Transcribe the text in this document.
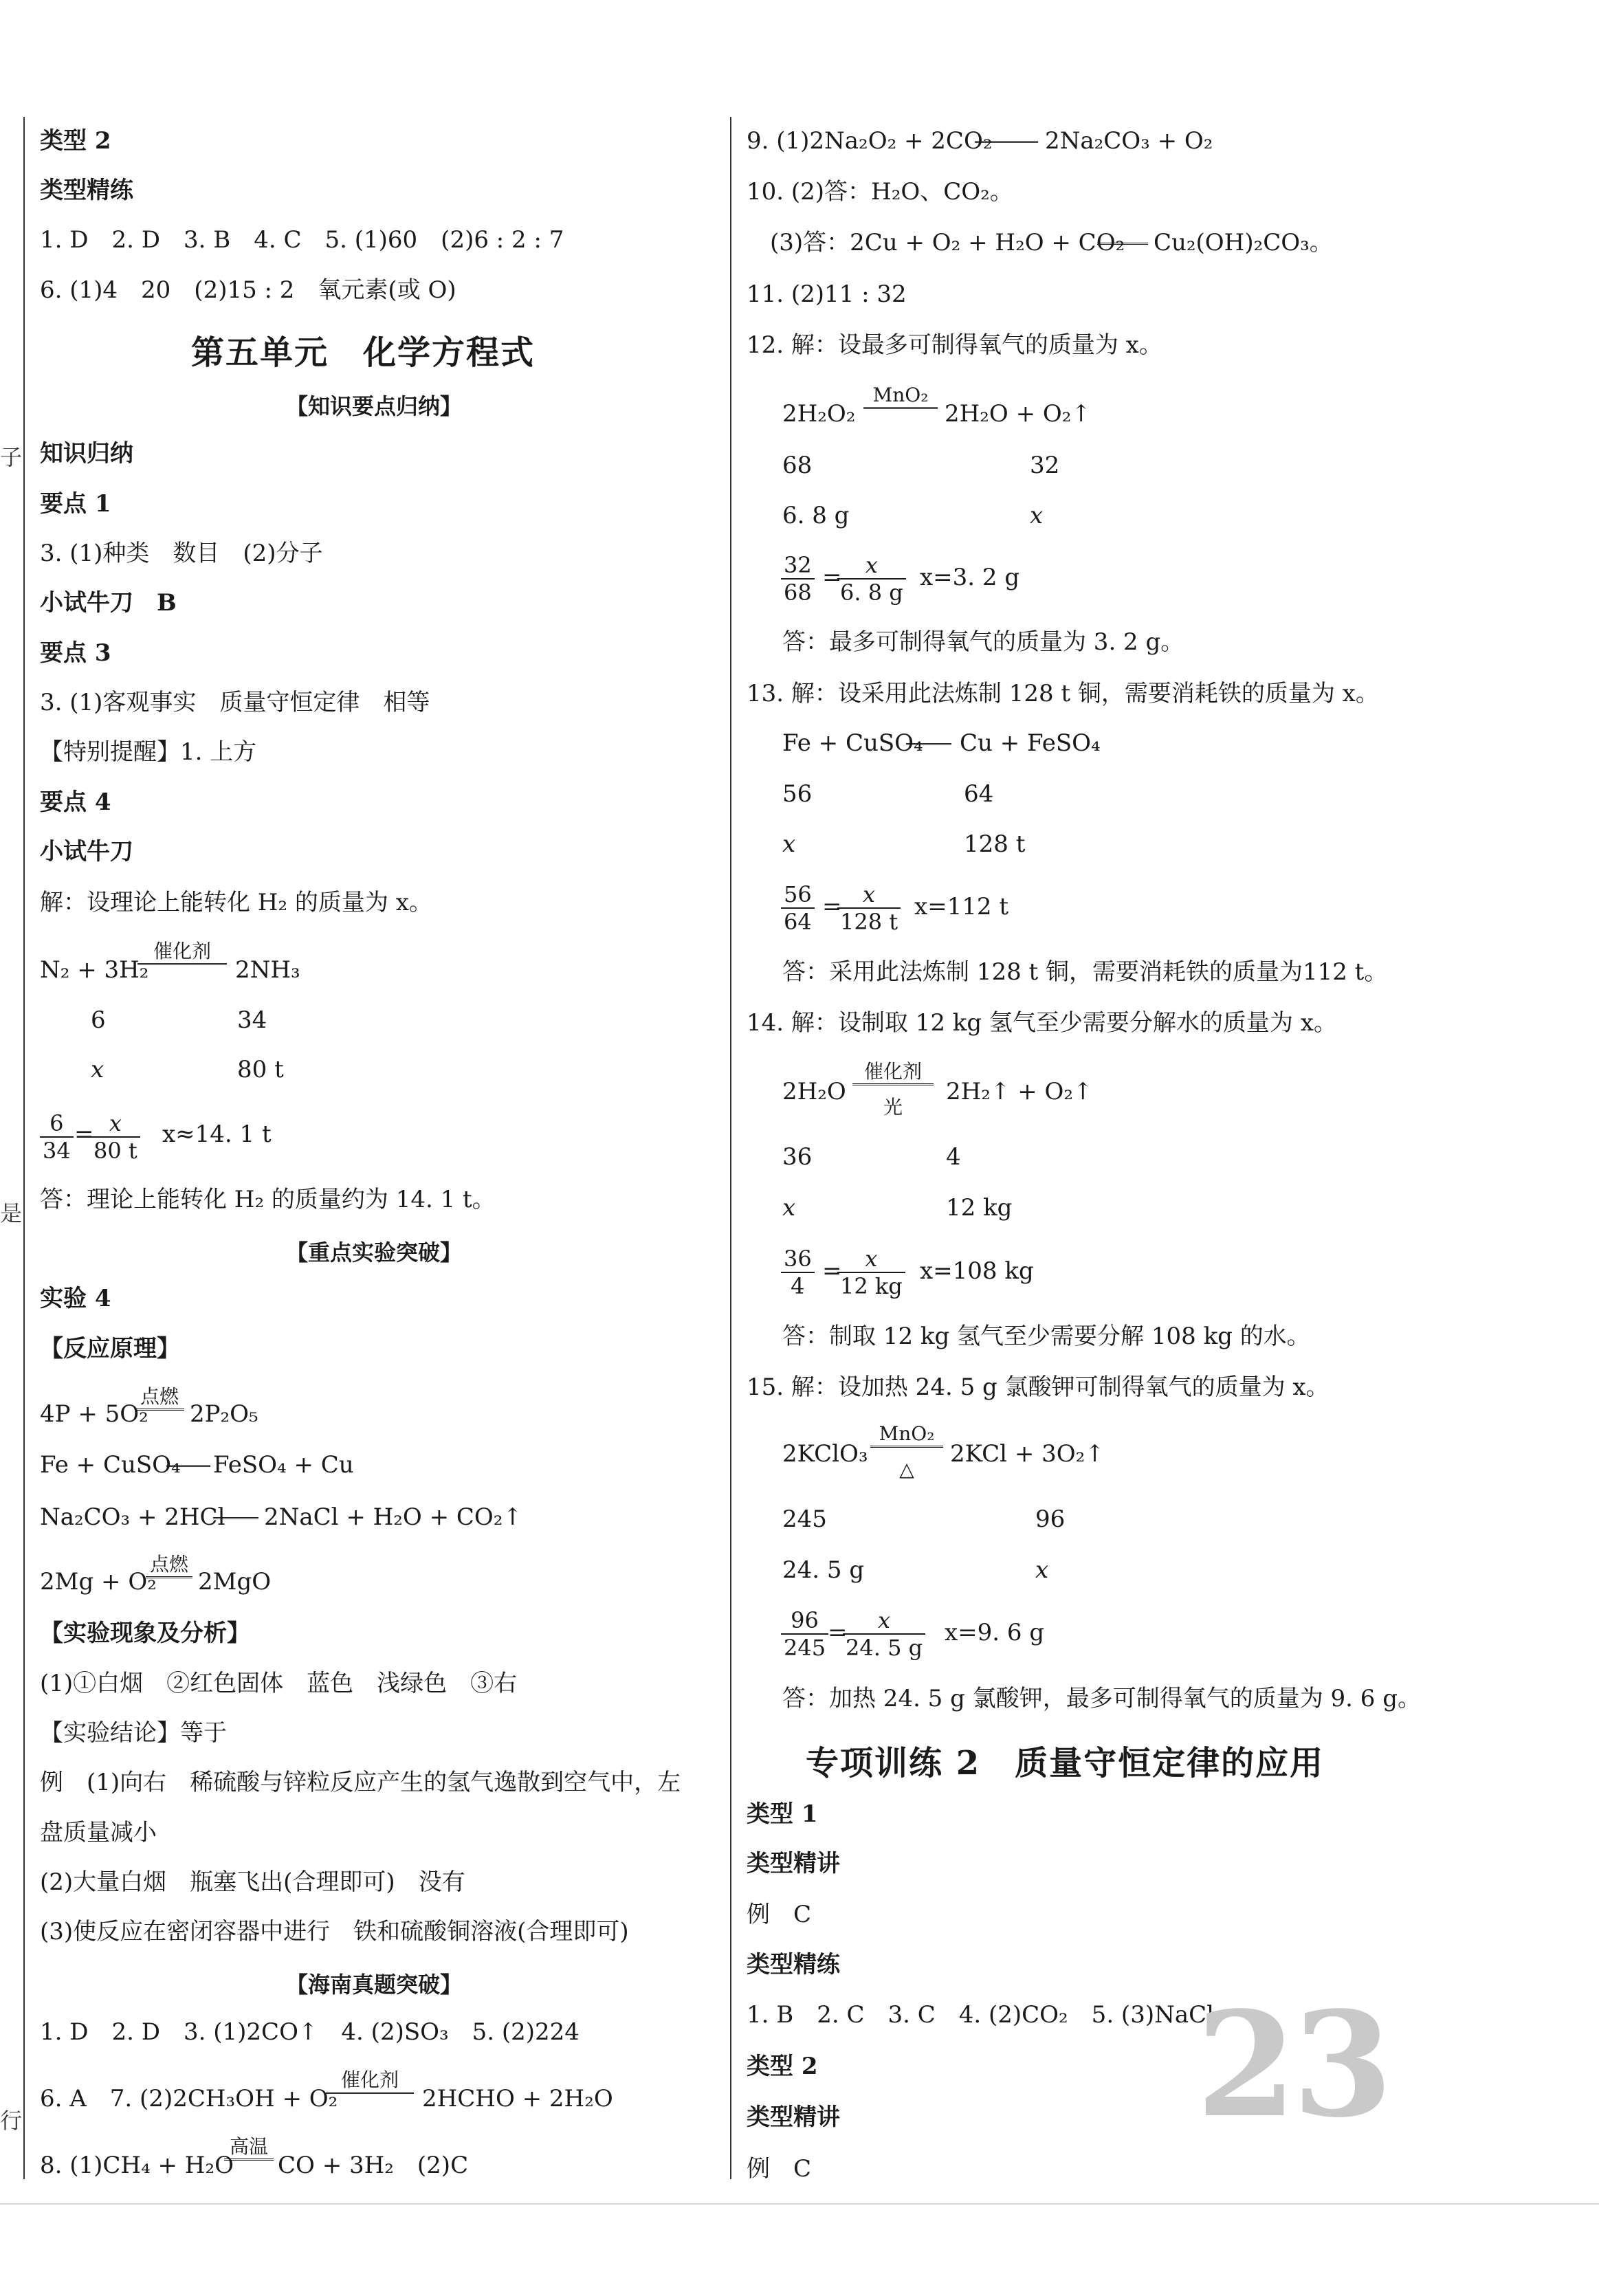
子
是
行
类型 2
类型精练
1. D　2. D　3. B　4. C　5. (1)60　(2)6 : 2 : 7
6. (1)4　20　(2)15 : 2　氧元素(或 O)
第五单元　化学方程式
【知识要点归纳】
知识归纳
要点 1
3. (1)种类　数目　(2)分子
小试牛刀　B
要点 3
3. (1)客观事实　质量守恒定律　相等
【特别提醒】1. 上方
要点 4
小试牛刀
解：设理论上能转化 H₂ 的质量为 x。
N₂ + 3H₂
催化剂
2NH₃
6	34
x	80 t
$\frac{6}{34}$ =
$\frac{x}{80 t} x\approx 14$. 1 t
答：理论上能转化 H₂ 的质量约为 14. 1 t。
【重点实验突破】
实验 4
【反应原理】
4P + 5O₂
点燃
2P₂O₅
Fe + CuSO₄ FeSO₄ + Cu
Na₂CO₃ + 2HCl 2NaCl + H₂O + CO₂↑
2Mg + O₂
点燃
2MgO
【实验现象及分析】
(1)①白烟　②红色固体　蓝色　浅绿色　③右
【实验结论】等于
例　(1)向右　稀硫酸与锌粒反应产生的氢气逸散到空气中，左
盘质量减小
(2)大量白烟　瓶塞飞出(合理即可)　没有
(3)使反应在密闭容器中进行　铁和硫酸铜溶液(合理即可)
【海南真题突破】
1. D　2. D　3. (1)2CO↑　4. (2)SO₃　5. (2)224
6. A　7. (2)2CH₃OH + O₂
催化剂
2HCHO + 2H₂O
8. (1)CH₄ + H₂O
高温
CO + 3H₂　(2)C
9. (1)2Na₂O₂ + 2CO₂ 2Na₂CO₃ + O₂
10. (2)答：H₂O、CO₂。
(3)答：2Cu + O₂ + H₂O + CO₂ Cu₂(OH)₂CO₃。
11. (2)11 : 32
12. 解：设最多可制得氧气的质量为 x。
2H₂O₂
MnO₂
2H₂O + O₂↑
68	32
6. 8 g	x
$\frac{32}{68}$ =
$\frac{x}{6. 8 g} x=3$. 2 g
答：最多可制得氧气的质量为 3. 2 g。
13. 解：设采用此法炼制 128 t 铜，需要消耗铁的质量为 x。
Fe + CuSO₄ Cu + FeSO₄
56	64
x	128 t
$\frac{56}{64}$ =
$\frac{x}{128 t} x=112$ t
答：采用此法炼制 128 t 铜，需要消耗铁的质量为112 t。
14. 解：设制取 12 kg 氢气至少需要分解水的质量为 x。
2H₂O
催化剂
光
2H₂↑ + O₂↑
36	4
x	12 kg
$\frac{36}{4}$ =
$\frac{x}{12 kg} x=108$ kg
答：制取 12 kg 氢气至少需要分解 108 kg 的水。
15. 解：设加热 24. 5 g 氯酸钾可制得氧气的质量为 x。
2KClO₃
MnO₂
△
2KCl + 3O₂↑
245	96
24. 5 g	x
$\frac{96}{245}$
=
$\frac{x}{24. 5 g} x=9$. 6 g
答：加热 24. 5 g 氯酸钾，最多可制得氧气的质量为 9. 6 g。
专项训练 2　质量守恒定律的应用
类型 1
类型精讲
例　C
类型精练
1. B　2. C　3. C　4. (2)CO₂　5. (3)NaCl
类型 2
类型精讲
例　C
23
